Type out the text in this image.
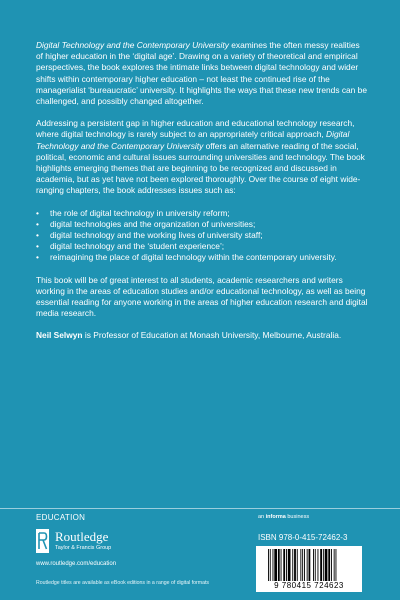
Digital Technology and the Contemporary University examines the often messy realities of higher education in the ‘digital age’. Drawing on a variety of theoretical and empirical perspectives, the book explores the intimate links between digital technology and wider shifts within contemporary higher education – not least the continued rise of the managerialist ‘bureaucratic’ university. It highlights the ways that these new trends can be challenged, and possibly changed altogether.

Addressing a persistent gap in higher education and educational technology research, where digital technology is rarely subject to an appropriately critical approach, Digital Technology and the Contemporary University offers an alternative reading of the social, political, economic and cultural issues surrounding universities and technology. The book highlights emerging themes that are beginning to be recognized and discussed in academia, but as yet have not been explored thoroughly. Over the course of eight wide-ranging chapters, the book addresses issues such as:

• the role of digital technology in university reform;
• digital technologies and the organization of universities;
• digital technology and the working lives of university staff;
• digital technology and the ‘student experience’;
• reimagining the place of digital technology within the contemporary university.

This book will be of great interest to all students, academic researchers and writers working in the areas of education studies and/or educational technology, as well as being essential reading for anyone working in the areas of higher education research and digital media research.

Neil Selwyn is Professor of Education at Monash University, Melbourne, Australia.

EDUCATION
Routledge
Taylor & Francis Group
www.routledge.com/education
Routledge titles are available as eBook editions in a range of digital formats
an informa business
ISBN 978-0-415-72462-3
9 780415 724623
